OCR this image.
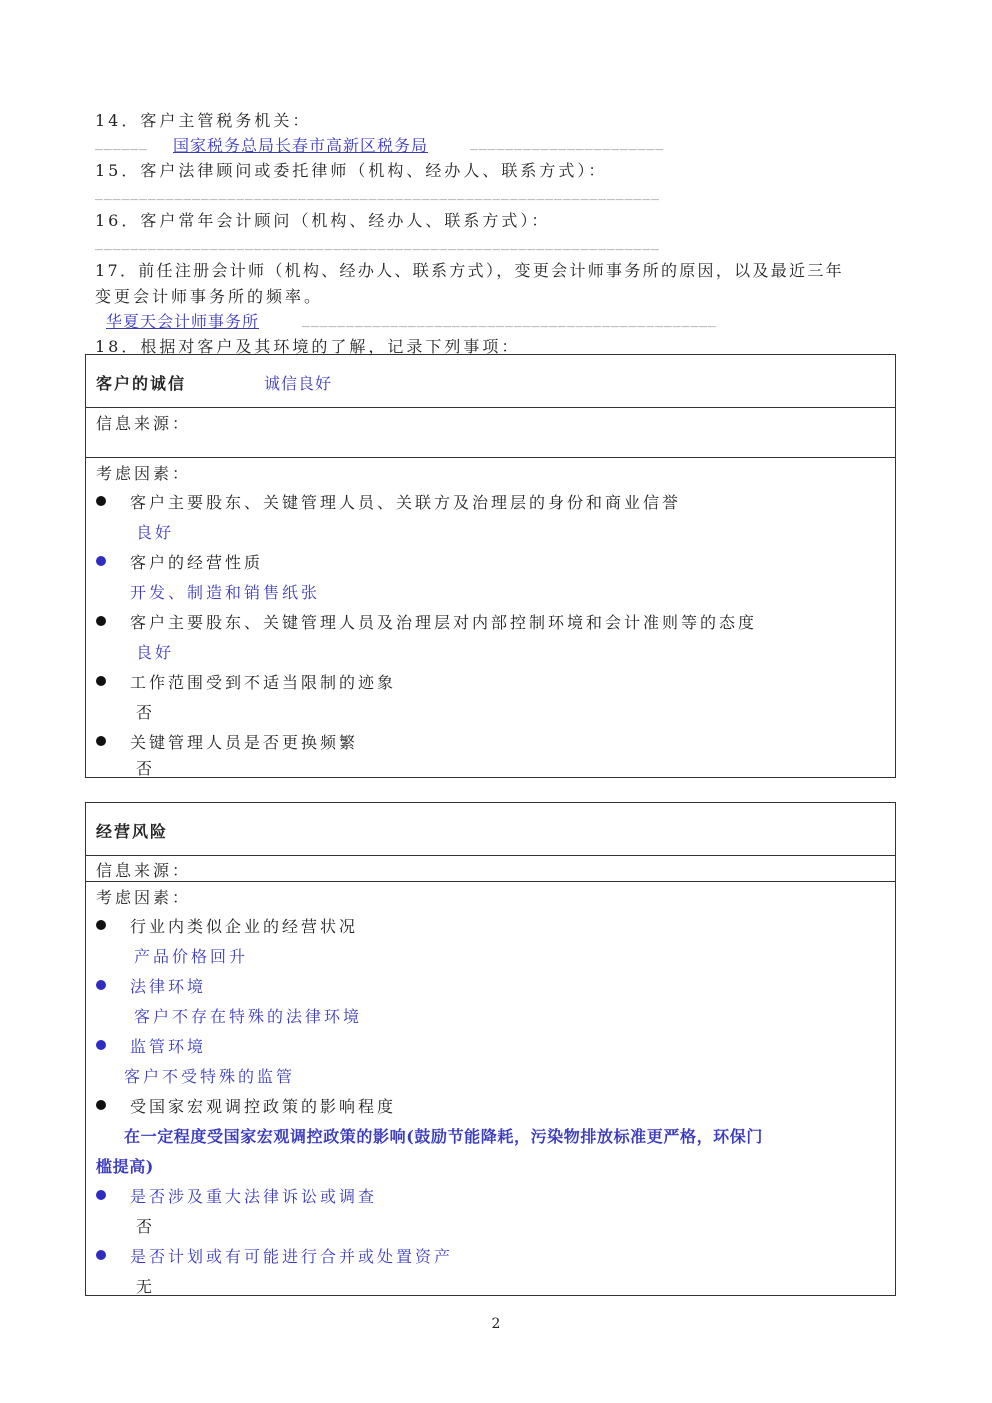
14．客户主管税务机关：
______ 国家税务总局长春市高新区税务局	______________________
15．客户法律顾问或委托律师（机构、经办人、联系方式）：
________________________________________________________________
16．客户常年会计顾问（机构、经办人、联系方式）：
________________________________________________________________
17．前任注册会计师（机构、经办人、联系方式），变更会计师事务所的原因，以及最近三年
变更会计师事务所的频率。
华夏天会计师事务所	_______________________________________________
18．根据对客户及其环境的了解，记录下列事项：
客户的诚信	诚信良好
信息来源：
考虑因素：
客户主要股东、关键管理人员、关联方及治理层的身份和商业信誉
良好
客户的经营性质
开发、制造和销售纸张
客户主要股东、关键管理人员及治理层对内部控制环境和会计准则等的态度
良好
工作范围受到不适当限制的迹象
否
关键管理人员是否更换频繁
否
经营风险
信息来源：
考虑因素：
行业内类似企业的经营状况
产品价格回升
法律环境
客户不存在特殊的法律环境
监管环境
客户不受特殊的监管
受国家宏观调控政策的影响程度
在一定程度受国家宏观调控政策的影响(鼓励节能降耗，污染物排放标准更严格，环保门
槛提高)
是否涉及重大法律诉讼或调查
否
是否计划或有可能进行合并或处置资产
无
2
